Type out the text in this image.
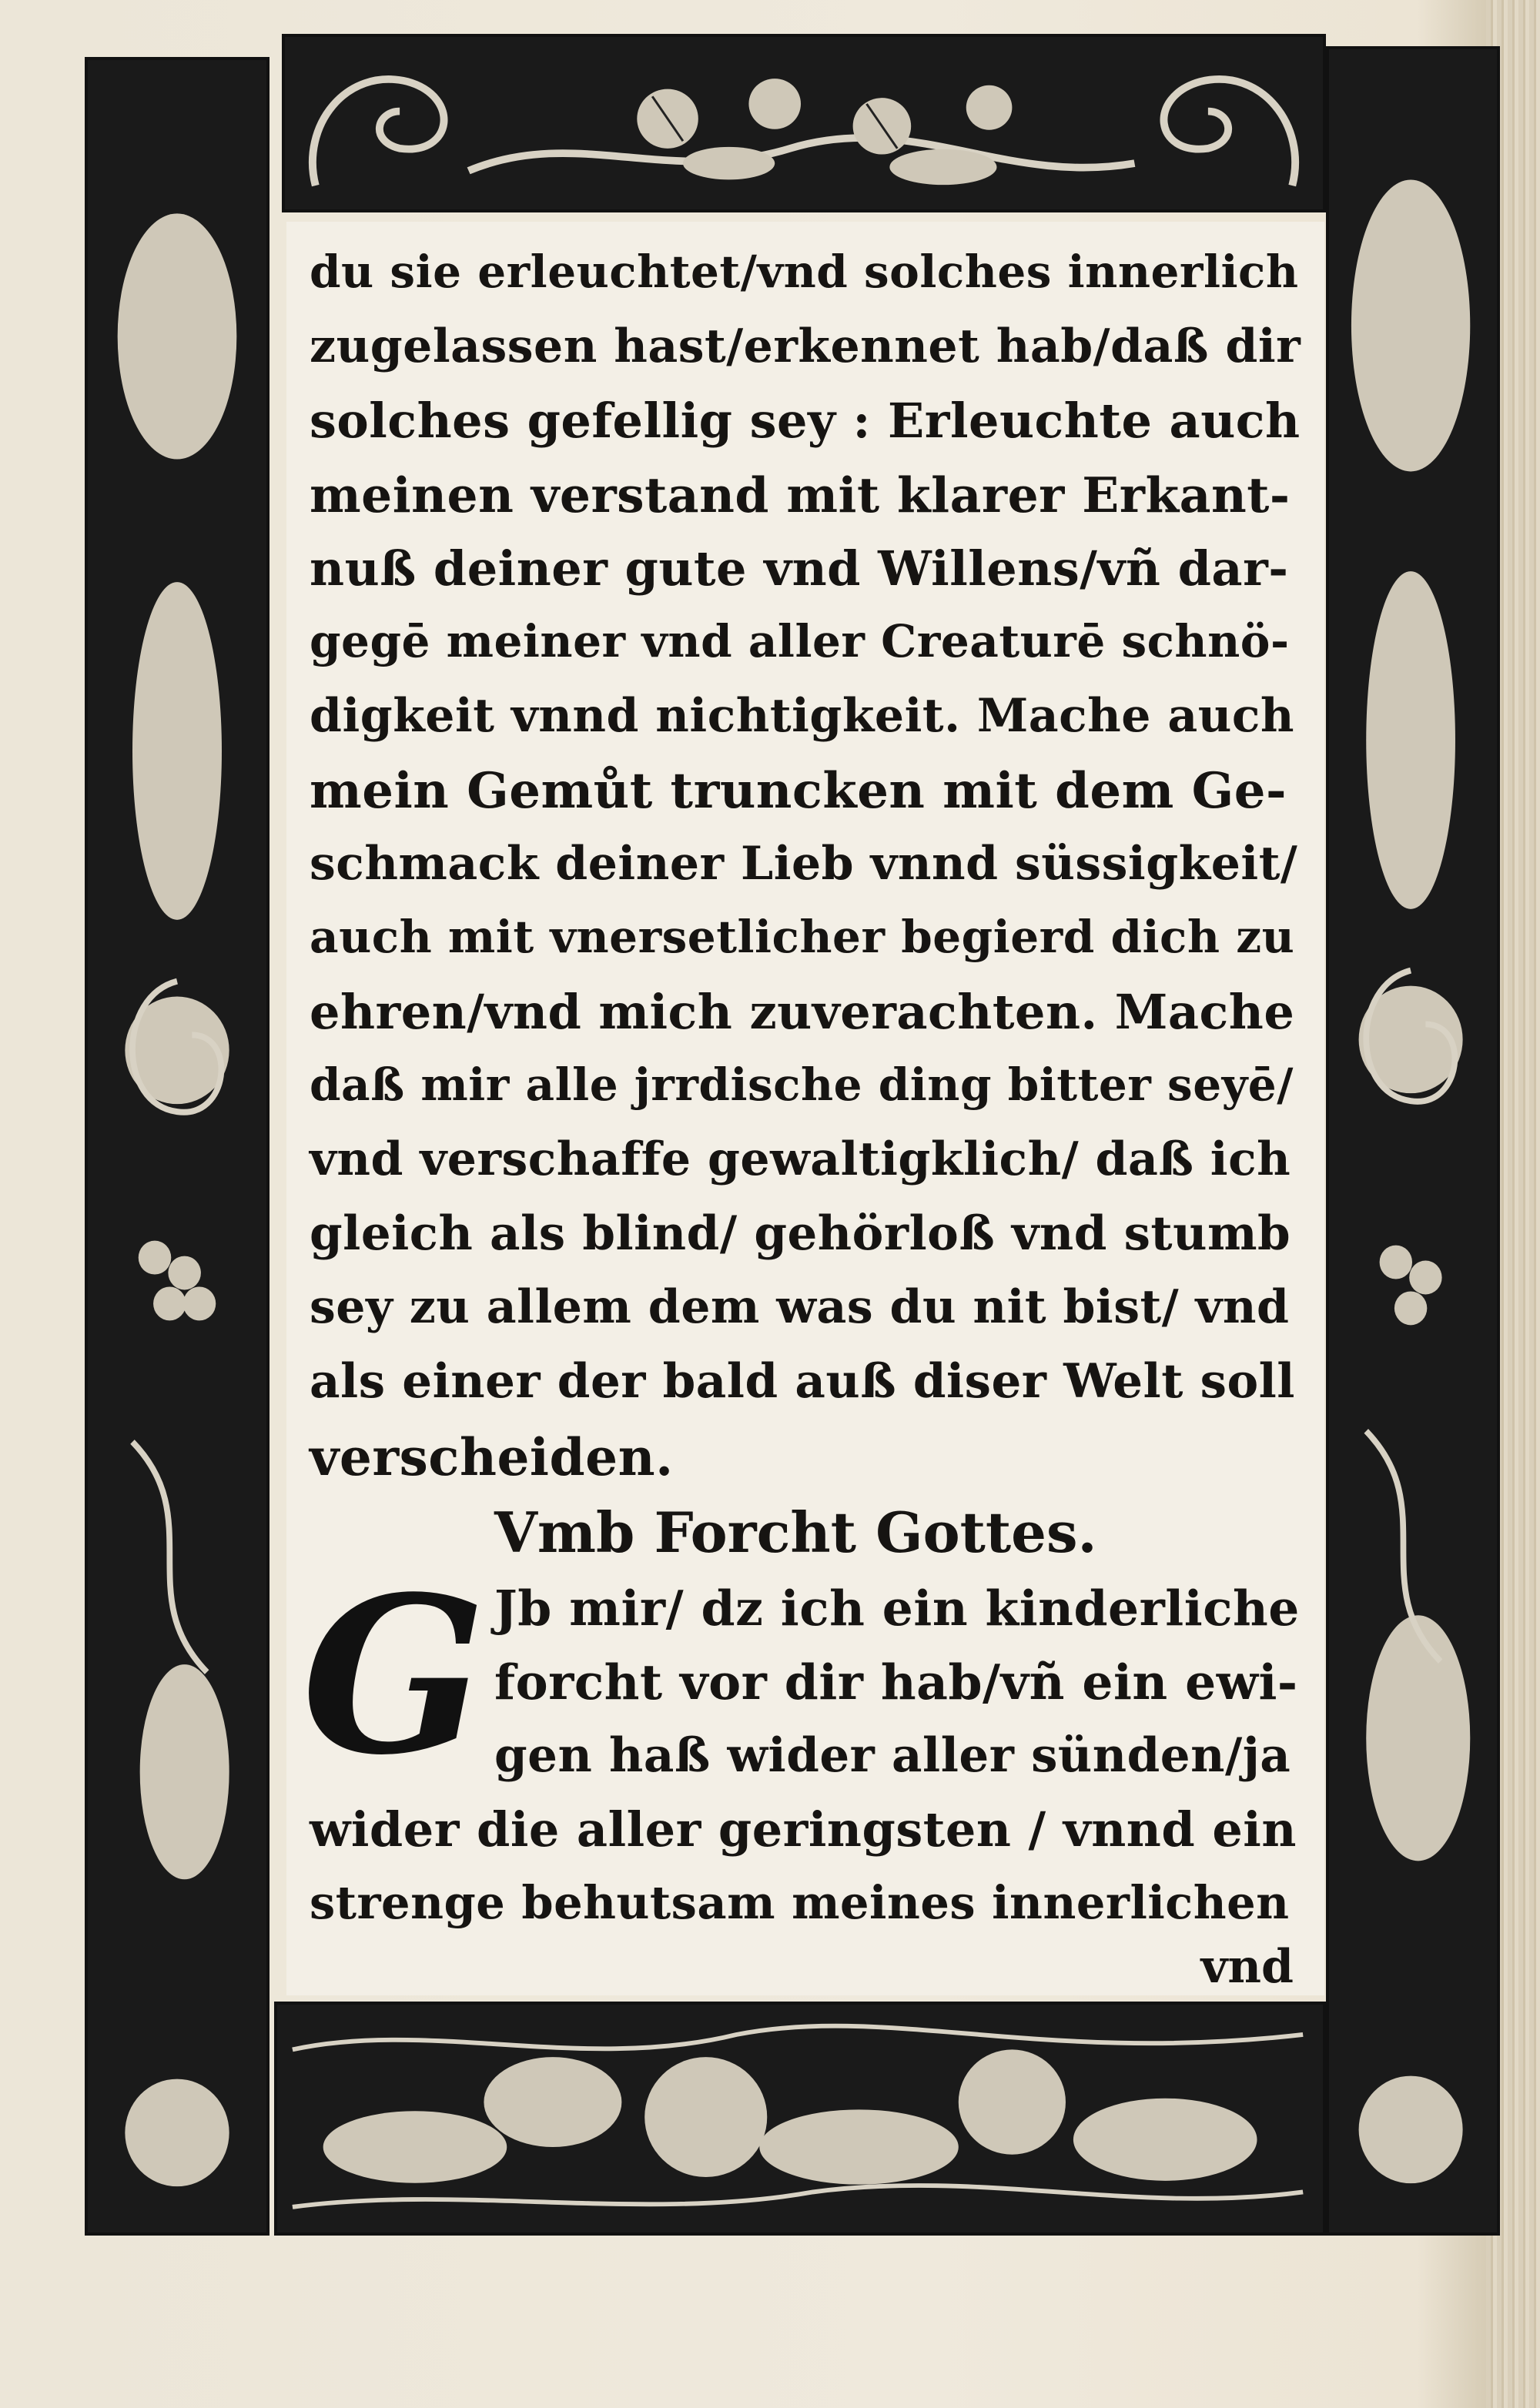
du sie erleuchtet/vnd solches innerlich
zugelassen hast/erkennet hab/daß dir
solches gefellig sey : Erleuchte auch
meinen verstand mit klarer Erkant-
nuß deiner gute vnd Willens/vñ dar-
gegē meiner vnd aller Creaturē schnö-
digkeit vnnd nichtigkeit. Mache auch
mein Gemůt truncken mit dem Ge-
schmack deiner Lieb vnnd süssigkeit/
auch mit vnersetlicher begierd dich zu
ehren/vnd mich zuverachten. Mache
daß mir alle jrrdische ding bitter seyē/
vnd verschaffe gewaltigklich/ daß ich
gleich als blind/ gehörloß vnd stumb
sey zu allem dem was du nit bist/ vnd
als einer der bald auß diser Welt soll
verscheiden.
Vmb Forcht Gottes.
G Jb mir/ dz ich ein kinderliche
forcht vor dir hab/vñ ein ewi-
gen haß wider aller sünden/ja
wider die aller geringsten / vnnd ein
strenge behutsam meines innerlichen
vnd
